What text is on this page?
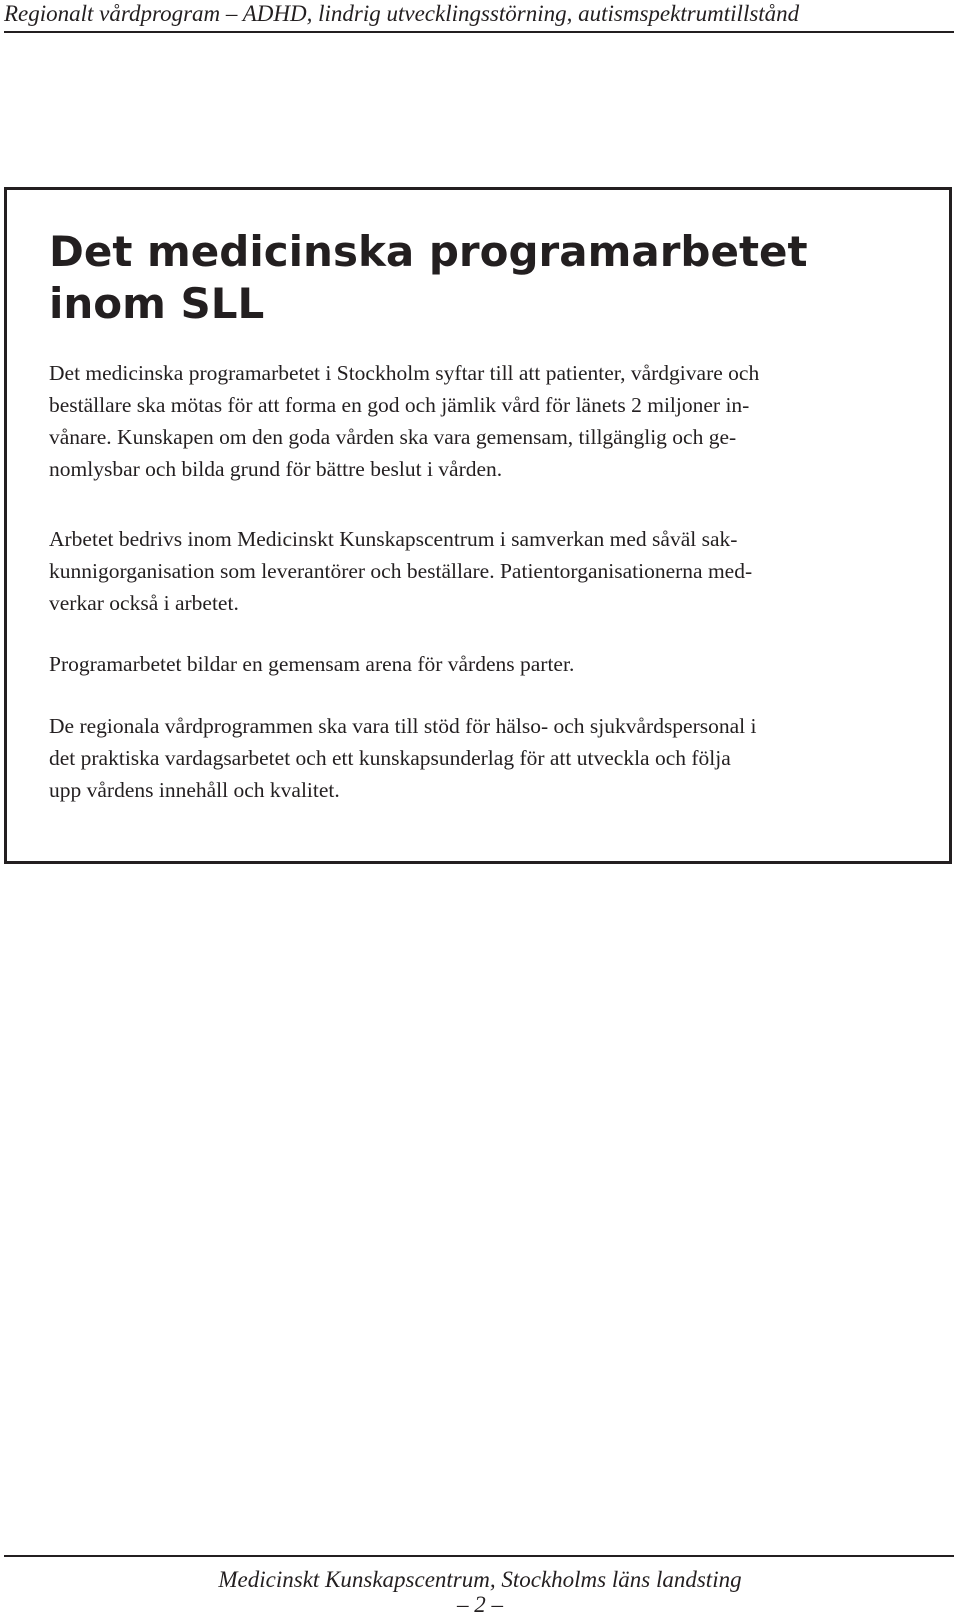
Regionalt vårdprogram – ADHD, lindrig utvecklingsstörning, autismspektrumtillstånd
Det medicinska programarbetet
inom SLL

Det medicinska programarbetet i Stockholm syftar till att patienter, vårdgivare och
beställare ska mötas för att forma en god och jämlik vård för länets 2 miljoner in-
vånare. Kunskapen om den goda vården ska vara gemensam, tillgänglig och ge-
nomlysbar och bilda grund för bättre beslut i vården.

Arbetet bedrivs inom Medicinskt Kunskapscentrum i samverkan med såväl sak-
kunnigorganisation som leverantörer och beställare. Patientorganisationerna med-
verkar också i arbetet.

Programarbetet bildar en gemensam arena för vårdens parter.

De regionala vårdprogrammen ska vara till stöd för hälso- och sjukvårdspersonal i
det praktiska vardagsarbetet och ett kunskapsunderlag för att utveckla och följa
upp vårdens innehåll och kvalitet.

Medicinskt Kunskapscentrum, Stockholms läns landsting
– 2 –
